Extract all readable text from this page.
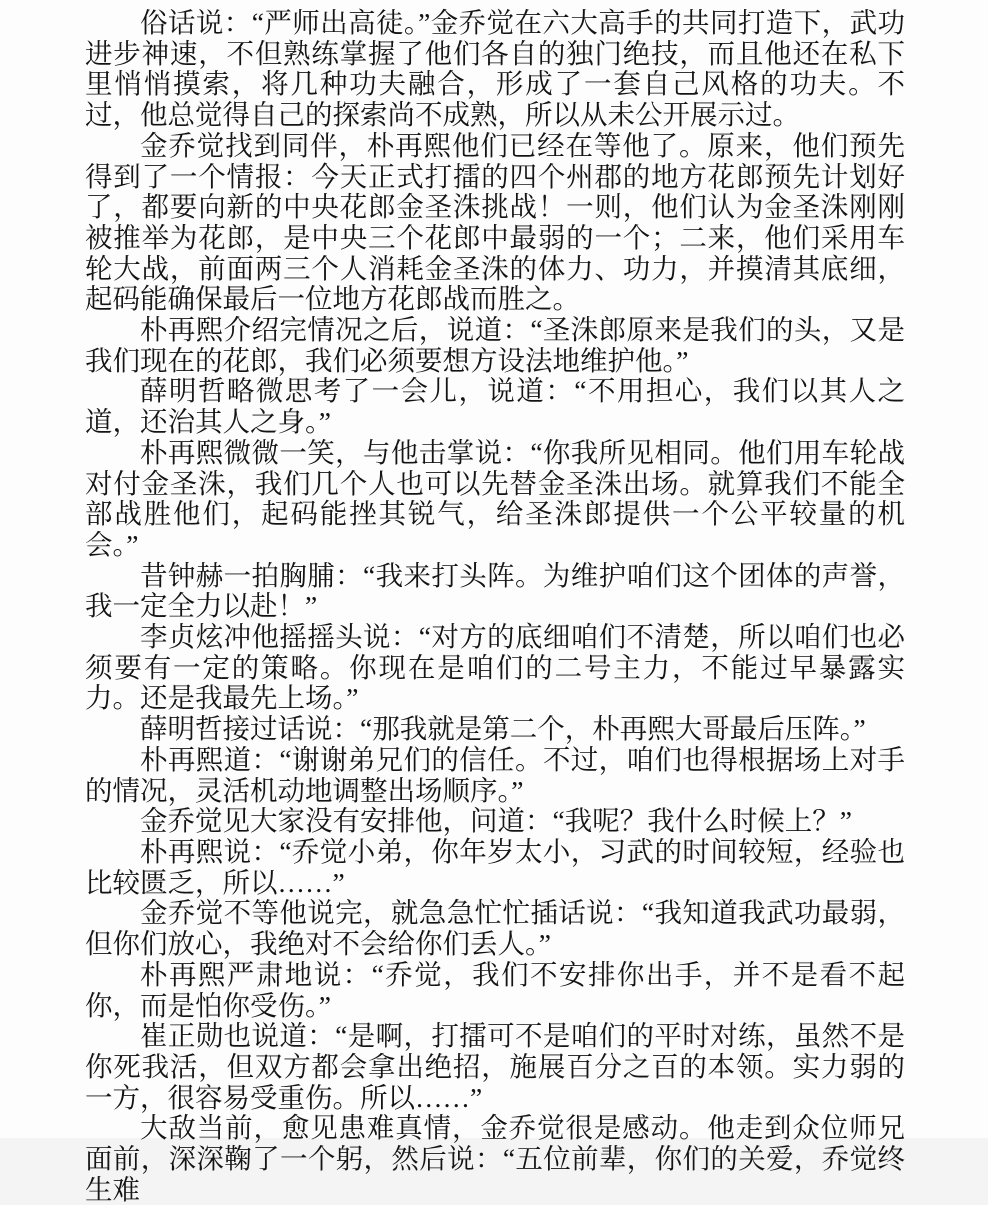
俗话说：“严师出高徒。”金乔觉在六大高手的共同打造下，武功进步神速，不但熟练掌握了他们各自的独门绝技，而且他还在私下里悄悄摸索，将几种功夫融合，形成了一套自己风格的功夫。不过，他总觉得自己的探索尚不成熟，所以从未公开展示过。

金乔觉找到同伴，朴再熙他们已经在等他了。原来，他们预先得到了一个情报：今天正式打擂的四个州郡的地方花郎预先计划好了，都要向新的中央花郎金圣洙挑战！一则，他们认为金圣洙刚刚被推举为花郎，是中央三个花郎中最弱的一个；二来，他们采用车轮大战，前面两三个人消耗金圣洙的体力、功力，并摸清其底细，起码能确保最后一位地方花郎战而胜之。

朴再熙介绍完情况之后，说道：“圣洙郎原来是我们的头，又是我们现在的花郎，我们必须要想方设法地维护他。”

薛明哲略微思考了一会儿，说道：“不用担心，我们以其人之道，还治其人之身。”

朴再熙微微一笑，与他击掌说：“你我所见相同。他们用车轮战对付金圣洙，我们几个人也可以先替金圣洙出场。就算我们不能全部战胜他们，起码能挫其锐气，给圣洙郎提供一个公平较量的机会。”

昔钟赫一拍胸脯：“我来打头阵。为维护咱们这个团体的声誉，我一定全力以赴！”

李贞炫冲他摇摇头说：“对方的底细咱们不清楚，所以咱们也必须要有一定的策略。你现在是咱们的二号主力，不能过早暴露实力。还是我最先上场。”

薛明哲接过话说：“那我就是第二个，朴再熙大哥最后压阵。”

朴再熙道：“谢谢弟兄们的信任。不过，咱们也得根据场上对手的情况，灵活机动地调整出场顺序。”

金乔觉见大家没有安排他，问道：“我呢？我什么时候上？”

朴再熙说：“乔觉小弟，你年岁太小，习武的时间较短，经验也比较匮乏，所以……”

金乔觉不等他说完，就急急忙忙插话说：“我知道我武功最弱，但你们放心，我绝对不会给你们丢人。”

朴再熙严肃地说：“乔觉，我们不安排你出手，并不是看不起你，而是怕你受伤。”

崔正勋也说道：“是啊，打擂可不是咱们的平时对练，虽然不是你死我活，但双方都会拿出绝招，施展百分之百的本领。实力弱的一方，很容易受重伤。所以……”

大敌当前，愈见患难真情，金乔觉很是感动。他走到众位师兄面前，深深鞠了一个躬，然后说：“五位前辈，你们的关爱，乔觉终生难
